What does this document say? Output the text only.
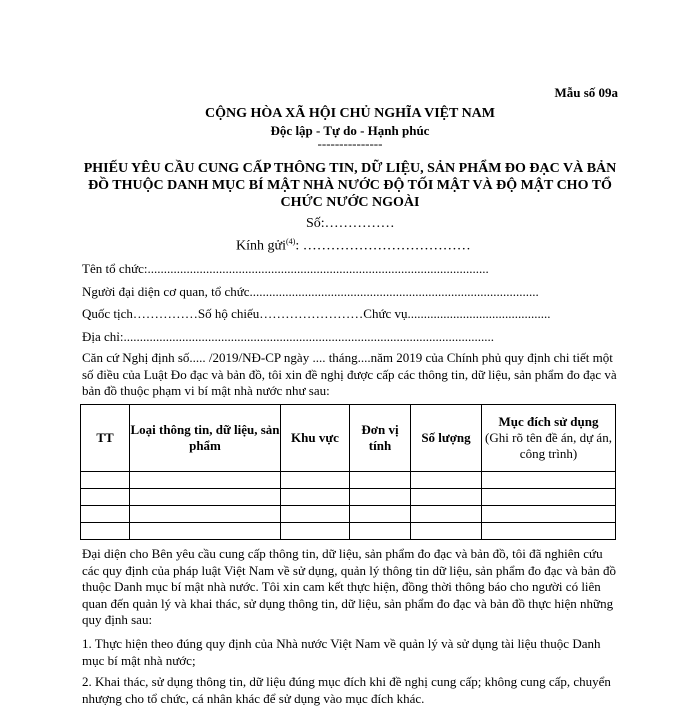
Mẫu số 09a
CỘNG HÒA XÃ HỘI CHỦ NGHĨA VIỆT NAM
Độc lập - Tự do - Hạnh phúc
---------------
PHIẾU YÊU CẦU CUNG CẤP THÔNG TIN, DỮ LIỆU, SẢN PHẨM ĐO ĐẠC VÀ BẢN ĐỒ THUỘC DANH MỤC BÍ MẬT NHÀ NƯỚC ĐỘ TỐI MẬT VÀ ĐỘ MẬT CHO TỔ CHỨC NƯỚC NGOÀI
Số:……………
Kính gửi$^{(4)}$: ………………………………
Tên tổ chức:.........................................................................................................
Người đại diện cơ quan, tổ chức.........................................................................................
Quốc tịch……………Số hộ chiếu……………………Chức vụ............................................
Địa chỉ:..................................................................................................................
Căn cứ Nghị định số..... /2019/NĐ-CP ngày .... tháng....năm 2019 của Chính phủ quy định chi tiết một số điều của Luật Đo đạc và bản đồ, tôi xin đề nghị được cấp các thông tin, dữ liệu, sản phẩm đo đạc và bản đồ thuộc phạm vi bí mật nhà nước như sau:
TT	Loại thông tin, dữ liệu, sản phẩm	Khu vực	Đơn vị tính	Số lượng	Mục đích sử dụng
(Ghi rõ tên đề án, dự án, công trình)

Đại diện cho Bên yêu cầu cung cấp thông tin, dữ liệu, sản phẩm đo đạc và bản đồ, tôi đã nghiên cứu các quy định của pháp luật Việt Nam về sử dụng, quản lý thông tin dữ liệu, sản phẩm đo đạc và bản đồ thuộc Danh mục bí mật nhà nước. Tôi xin cam kết thực hiện, đồng thời thông báo cho người có liên quan đến quản lý và khai thác, sử dụng thông tin, dữ liệu, sản phẩm đo đạc và bản đồ thực hiện những quy định sau:
1. Thực hiện theo đúng quy định của Nhà nước Việt Nam về quản lý và sử dụng tài liệu thuộc Danh mục bí mật nhà nước;
2. Khai thác, sử dụng thông tin, dữ liệu đúng mục đích khi đề nghị cung cấp; không cung cấp, chuyển nhượng cho tổ chức, cá nhân khác để sử dụng vào mục đích khác.
